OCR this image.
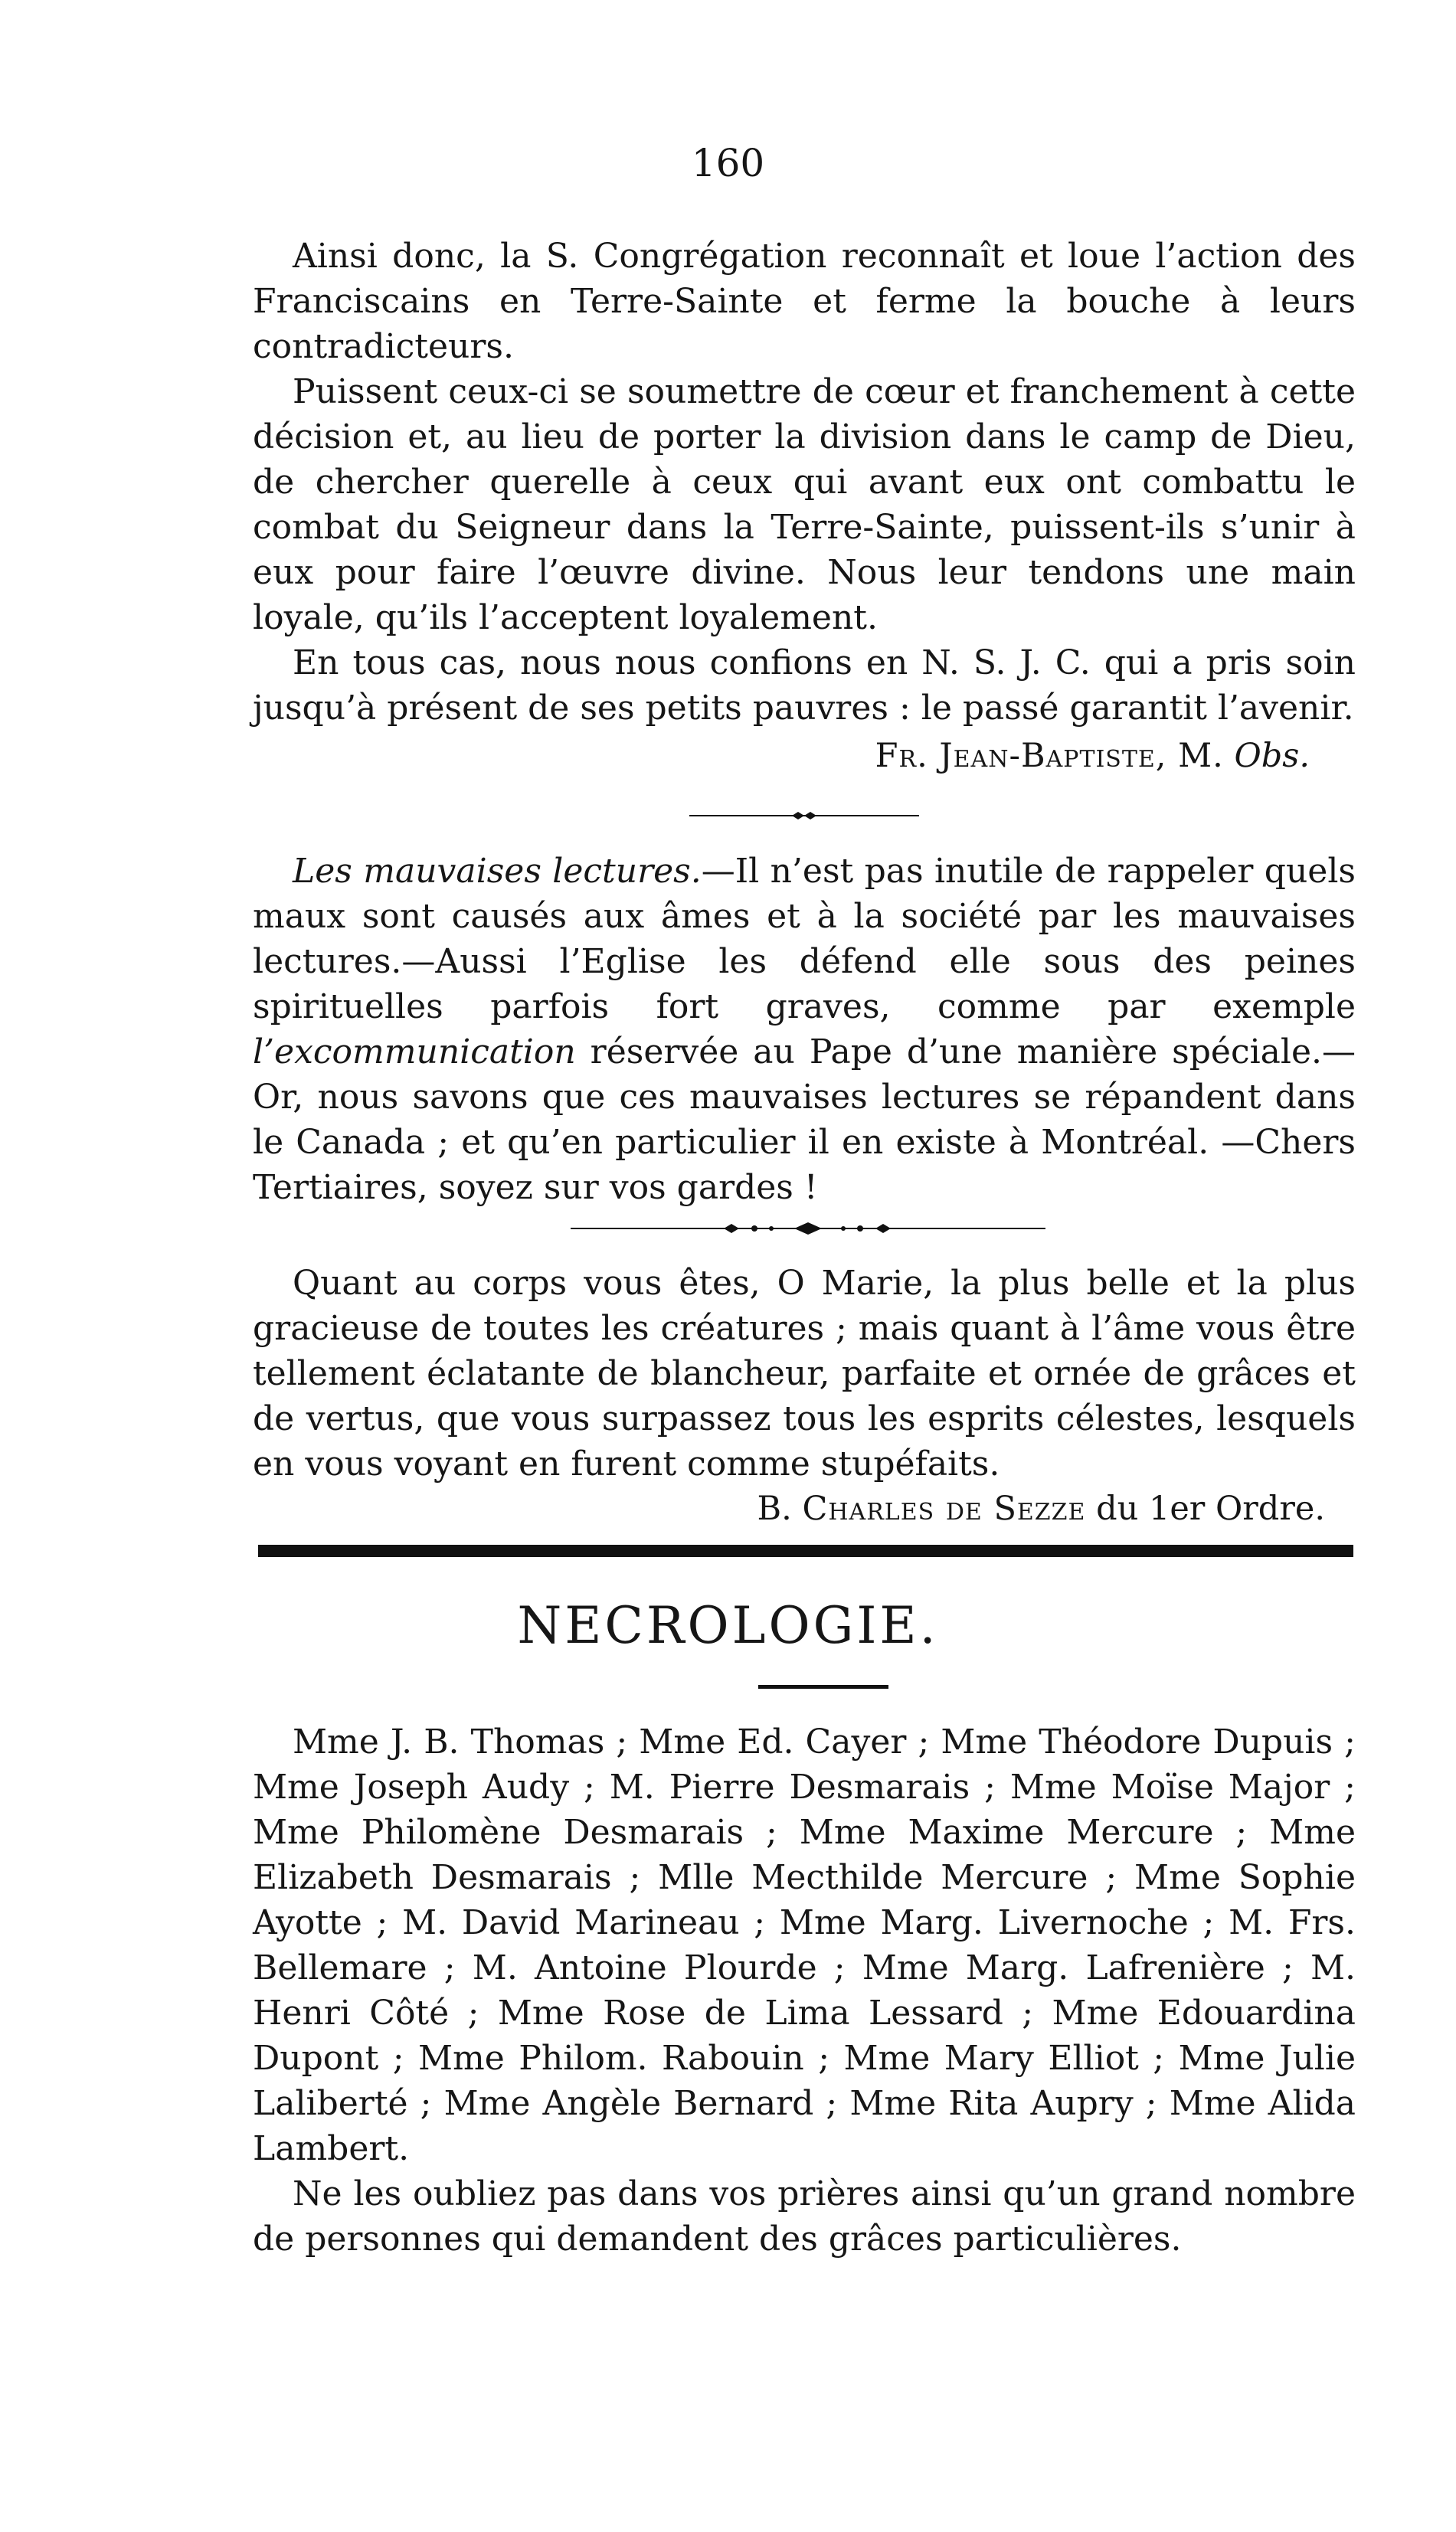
160

Ainsi donc, la S. Congrégation reconnaît et loue l’action des Franciscains en Terre-Sainte et ferme la bouche à leurs contradicteurs.

Puissent ceux-ci se soumettre de cœur et franchement à cette décision et, au lieu de porter la division dans le camp de Dieu, de chercher querelle à ceux qui avant eux ont combattu le combat du Seigneur dans la Terre-Sainte, puissent-ils s’unir à eux pour faire l’œuvre divine. Nous leur tendons une main loyale, qu’ils l’acceptent loyalement.

En tous cas, nous nous confions en N. S. J. C. qui a pris soin jusqu’à présent de ses petits pauvres : le passé garantit l’avenir.

Fr. Jean-Baptiste, M. Obs.

Les mauvaises lectures.—Il n’est pas inutile de rappeler quels maux sont causés aux âmes et à la société par les mauvaises lectures.—Aussi l’Eglise les défend elle sous des peines spirituelles parfois fort graves, comme par exemple l’excommunication réservée au Pape d’une manière spéciale.—Or, nous savons que ces mauvaises lectures se répandent dans le Canada ; et qu’en particulier il en existe à Montréal. —Chers Tertiaires, soyez sur vos gardes !

Quant au corps vous êtes, O Marie, la plus belle et la plus gracieuse de toutes les créatures ; mais quant à l’âme vous être tellement éclatante de blancheur, parfaite et ornée de grâces et de vertus, que vous surpassez tous les esprits célestes, lesquels en vous voyant en furent comme stupéfaits.

B. Charles de Sezze du 1er Ordre.
NECROLOGIE.

Mme J. B. Thomas ; Mme Ed. Cayer ; Mme Théodore Dupuis ; Mme Joseph Audy ; M. Pierre Desmarais ; Mme Moïse Major ; Mme Philomène Desmarais ; Mme Maxime Mercure ; Mme Elizabeth Desmarais ; Mlle Mecthilde Mercure ; Mme Sophie Ayotte ; M. David Marineau ; Mme Marg. Livernoche ; M. Frs. Bellemare ; M. Antoine Plourde ; Mme Marg. Lafrenière ; M. Henri Côté ; Mme Rose de Lima Lessard ; Mme Edouardina Dupont ; Mme Philom. Rabouin ; Mme Mary Elliot ; Mme Julie Laliberté ; Mme Angèle Bernard ; Mme Rita Aupry ; Mme Alida Lambert.

Ne les oubliez pas dans vos prières ainsi qu’un grand nombre de personnes qui demandent des grâces particulières.
